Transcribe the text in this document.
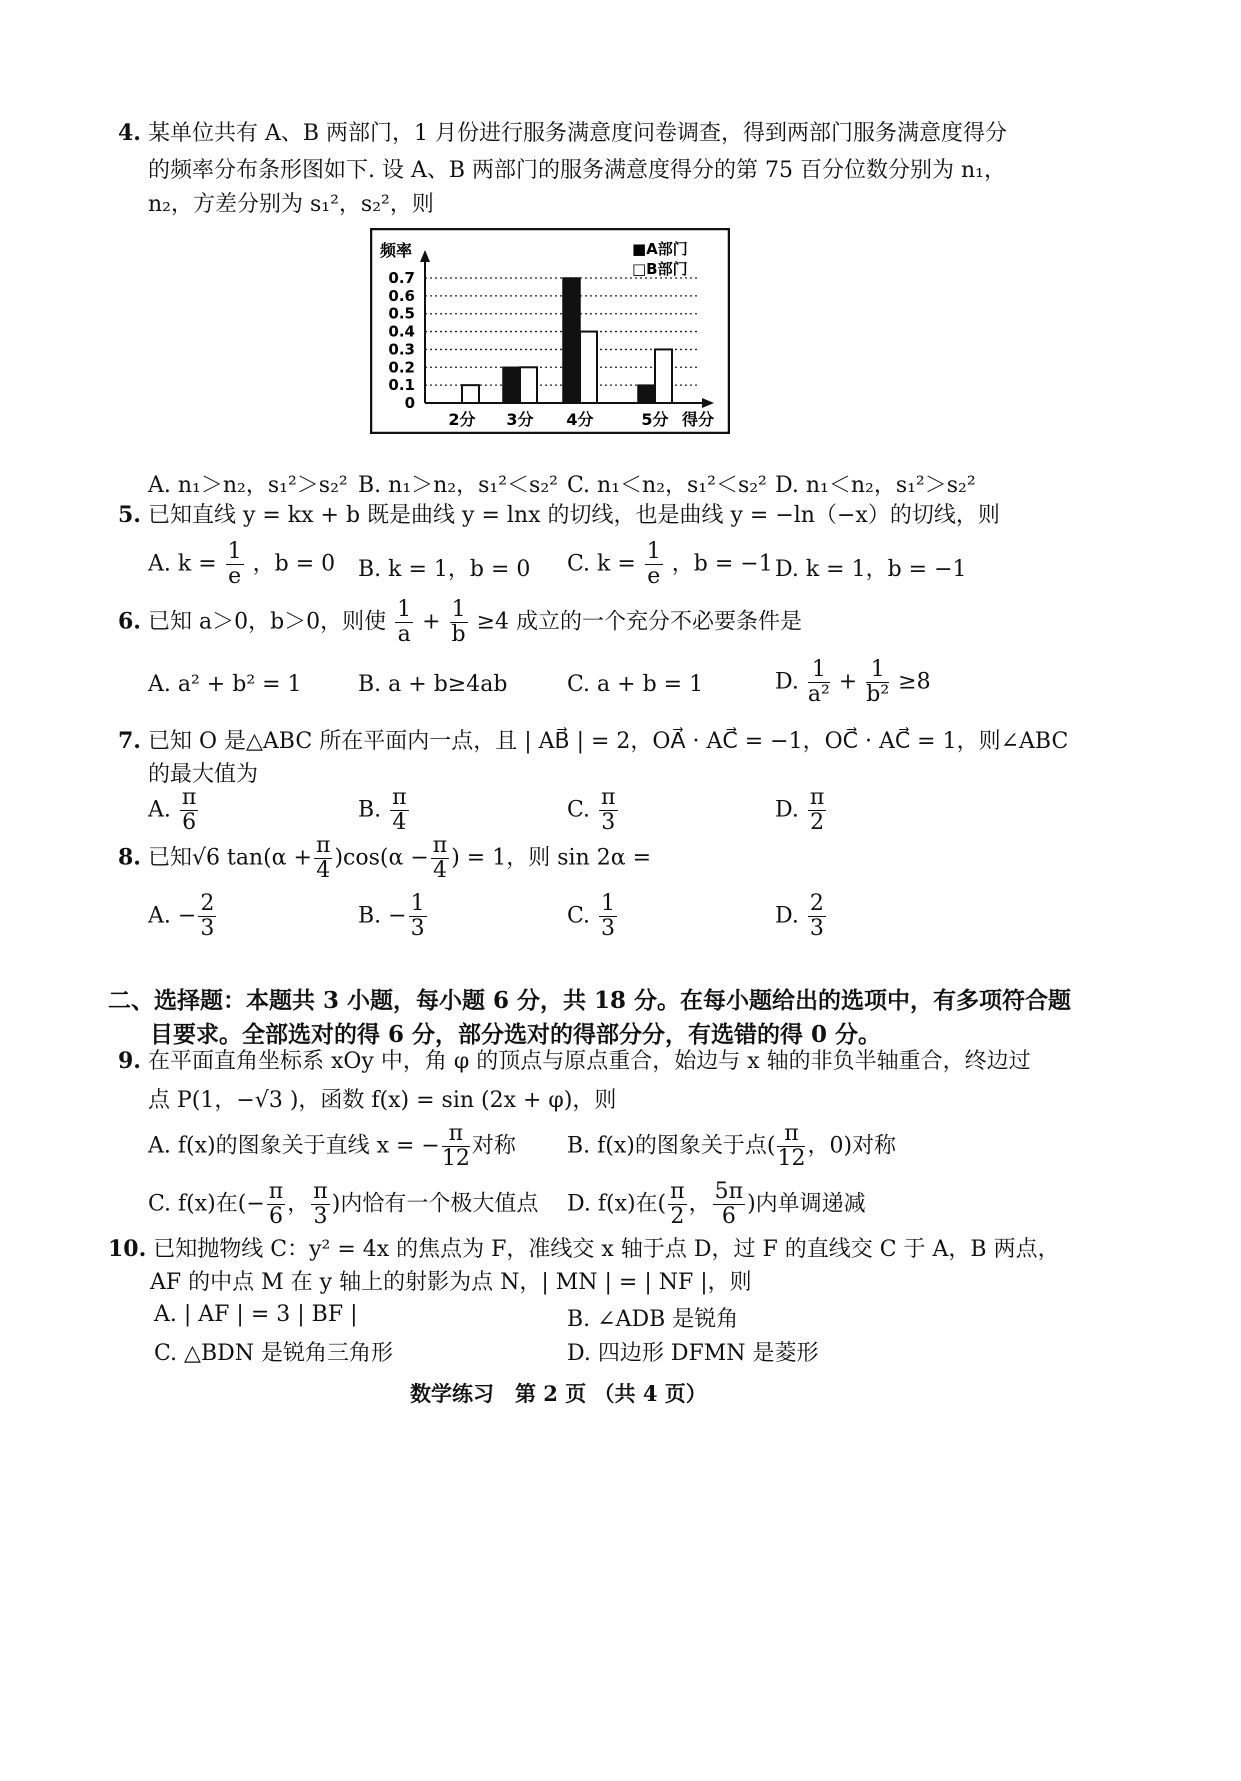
4. 某单位共有 A、B 两部门，1 月份进行服务满意度问卷调查，得到两部门服务满意度得分
的频率分布条形图如下. 设 A、B 两部门的服务满意度得分的第 75 百分位数分别为 n₁，
n₂，方差分别为 s₁²，s₂²，则
0
0.1
0.2
0.3
0.4
0.5
0.6
0.7
频率
2分 3分 4分	5分 得分
■A部门
□B部门
A. n₁＞n₂，s₁²＞s₂² B. n₁＞n₂，s₁²＜s₂² C. n₁＜n₂，s₁²＜s₂² D. n₁＜n₂，s₁²＞s₂²
5. 已知直线 y = kx + b 既是曲线 y = lnx 的切线，也是曲线 y = −ln（−x）的切线，则
A. $k = \frac{1}{e}$ ，b = 0 B. k = 1，b = 0 C. $k = \frac{1}{e}$ ，b = −1 D. k = 1，b = −1
6. 已知 a＞0，b＞0，则使 $\frac{1}{a} + \frac{1}{b} \ge 4$ 成立的一个充分不必要条件是
A. a² + b² = 1	B. a + b≥4ab	C. a + b = 1	D. $\frac{1}{\text{a²}} + \frac{1}{\text{b²}} \ge 8$
7. 已知 O 是△ABC 所在平面内一点，且 | AB⃗ | = 2，OA⃗ · AC⃗ = −1，OC⃗ · AC⃗ = 1，则∠ABC
的最大值为
A. $\frac{\pi}{6}$	B. $\frac{\pi}{4}$	C. $\frac{\pi}{3}$	D. $\frac{\pi}{2}$
8. 已知√6 $\tan(\alpha + \frac{\pi}{4} )\cos(\alpha - \frac{\pi}{4}$ ) = 1，则 sin 2α =
A. − $\frac{2}{3}$	B. − $\frac{1}{3}$	C. $\frac{1}{3}$	D. $\frac{2}{3}$
二、选择题：本题共 3 小题，每小题 6 分，共 18 分。在每小题给出的选项中，有多项符合题
目要求。全部选对的得 6 分，部分选对的得部分分，有选错的得 0 分。
9. 在平面直角坐标系 xOy 中，角 φ 的顶点与原点重合，始边与 x 轴的非负半轴重合，终边过
点 P(1，−√3 )，函数 f(x) = sin (2x + φ)，则
A. f(x)的图象关于直线 x = − $\frac{\pi}{12}$ 对称 B. f(x)的图象关于点( $\frac{\pi}{12}$ ，0)对称
C. f(x)在(− $\frac{\pi}{6}$ ， $\frac{\pi}{3}$ )内恰有一个极大值点 D. f(x)在( $\frac{\pi}{2}$ ， $\frac{5\pi}{6}$ )内单调递减
10. 已知抛物线 C：y² = 4x 的焦点为 F，准线交 x 轴于点 D，过 F 的直线交 C 于 A，B 两点，
AF 的中点 M 在 y 轴上的射影为点 N，| MN | = | NF |，则
A. | AF | = 3 | BF |	B. ∠ADB 是锐角
C. △BDN 是锐角三角形	D. 四边形 DFMN 是菱形
数学练习　第 2 页 （共 4 页）
